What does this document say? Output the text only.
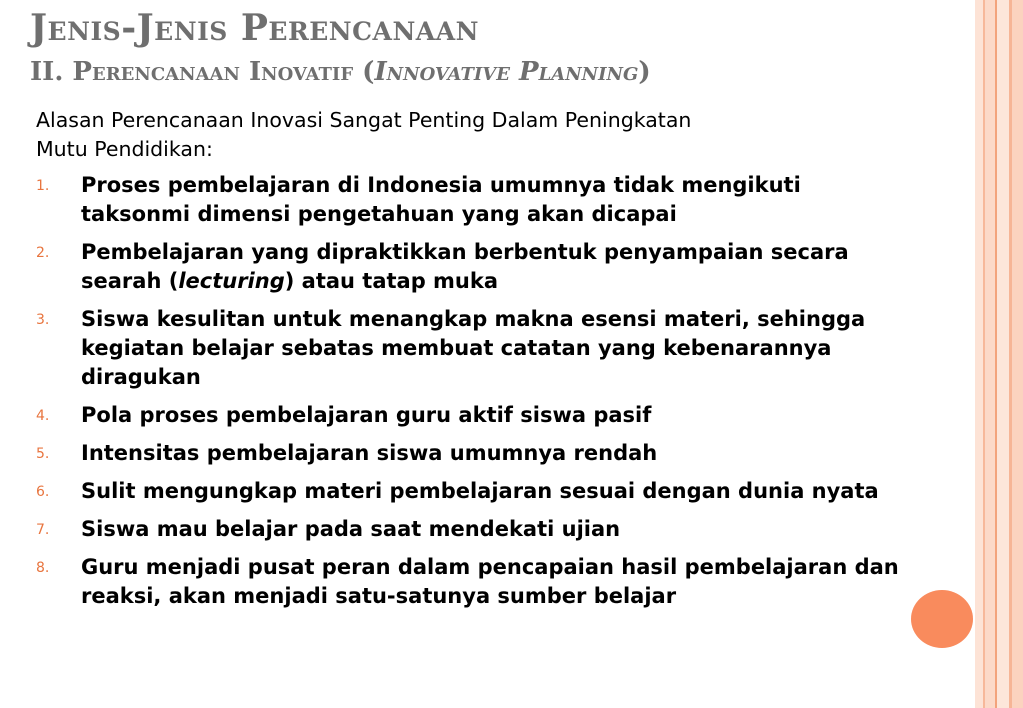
Jenis-Jenis Perencanaan
II. Perencanaan Inovatif (Innovative Planning)

Alasan Perencanaan Inovasi Sangat Penting Dalam Peningkatan
Mutu Pendidikan:

1. Proses pembelajaran di Indonesia umumnya tidak mengikuti taksonmi dimensi pengetahuan yang akan dicapai
2. Pembelajaran yang dipraktikkan berbentuk penyampaian secara searah (lecturing) atau tatap muka
3. Siswa kesulitan untuk menangkap makna esensi materi, sehingga kegiatan belajar sebatas membuat catatan yang kebenarannya diragukan
4. Pola proses pembelajaran guru aktif siswa pasif
5. Intensitas pembelajaran siswa umumnya rendah
6. Sulit mengungkap materi pembelajaran sesuai dengan dunia nyata
7. Siswa mau belajar pada saat mendekati ujian
8. Guru menjadi pusat peran dalam pencapaian hasil pembelajaran dan reaksi, akan menjadi satu-satunya sumber belajar
